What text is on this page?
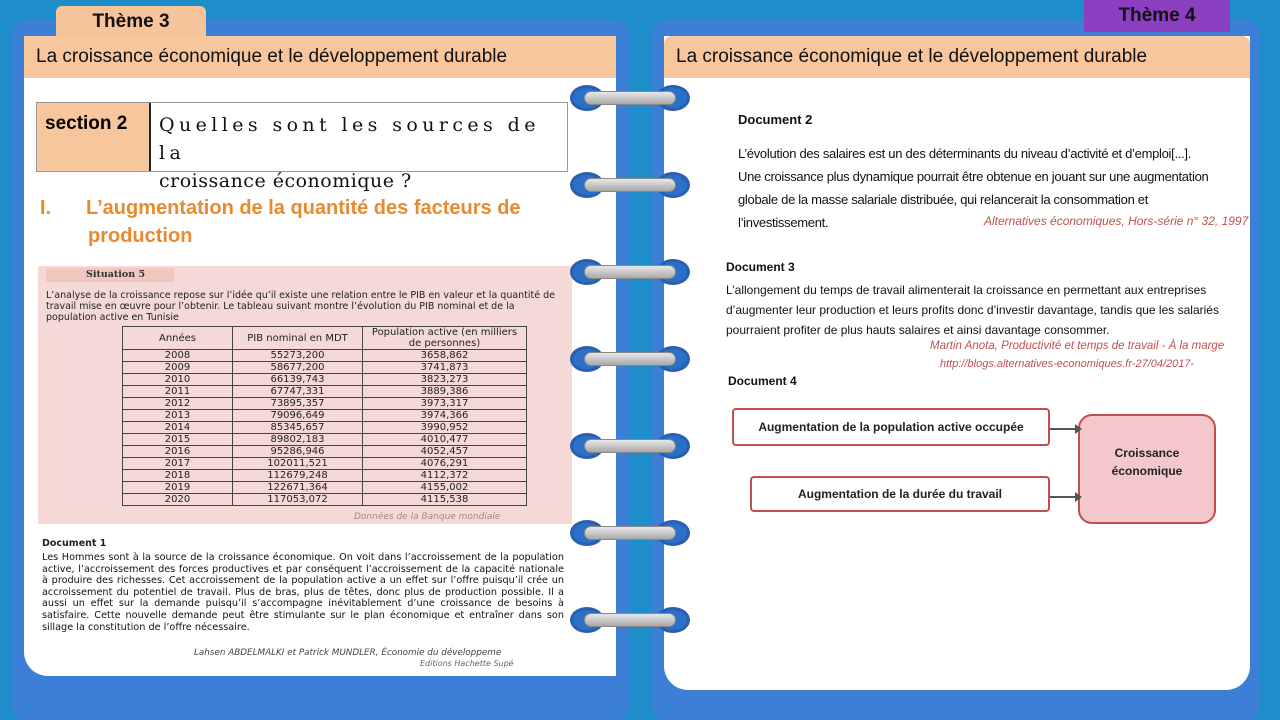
Thème 3	Thème 4
La croissance économique et le développement durable
section 2	Quelles sont les sources de la
croissance économique ?
I. L’augmentation de la quantité des facteurs de
production
Situation 5
L’analyse de la croissance repose sur l’idée qu’il existe une relation entre le PIB en valeur et la quantité de travail mise en œuvre pour l’obtenir. Le tableau suivant montre l’évolution du PIB nominal et de la population active en Tunisie
Années	PIB nominal en MDT	Population active (en milliers de personnes)
2008	55273,200	3658,862
2009	58677,200	3741,873
2010	66139,743	3823,273
2011	67747,331	3889,386
2012	73895,357	3973,317
2013	79096,649	3974,366
2014	85345,657	3990,952
2015	89802,183	4010,477
2016	95286,946	4052,457
2017	102011,521	4076,291
2018	112679,248	4112,372
2019	122671,364	4155,002
2020	117053,072	4115,538
Données de la Banque mondiale
Document 1
Les Hommes sont à la source de la croissance économique. On voit dans l’accroissement de la population active, l’accroissement des forces productives et par conséquent l’accroissement de la capacité nationale à produire des richesses. Cet accroissement de la population active a un effet sur l’offre puisqu’il crée un accroissement du potentiel de travail. Plus de bras, plus de têtes, donc plus de production possible. Il a aussi un effet sur la demande puisqu’il s’accompagne inévitablement d’une croissance de besoins à satisfaire. Cette nouvelle demande peut être stimulante sur le plan économique et entraîner dans son sillage la constitution de l’offre nécessaire.
Lahsen ABDELMALKI et Patrick MUNDLER, Économie du développeme
Editions Hachette Supé
La croissance économique et le développement durable
Document 2
L’évolution des salaires est un des déterminants du niveau d’activité et d’emploi[...]. Une croissance plus dynamique pourrait être obtenue en jouant sur une augmentation globale de la masse salariale distribuée, qui relancerait la consommation et l’investissement.	Alternatives économiques, Hors-série n° 32, 1997
Document 3
L’allongement du temps de travail alimenterait la croissance en permettant aux entreprises d’augmenter leur production et leurs profits donc d’investir davantage, tandis que les salariés pourraient profiter de plus hauts salaires et ainsi davantage consommer.
Martin Anota, Productivité et temps de travail - À la marge
http://blogs.alternatives-economiques.fr-27/04/2017-
Document 4
Augmentation de la population active occupée
Augmentation de la durée du travail
Croissance
économique
